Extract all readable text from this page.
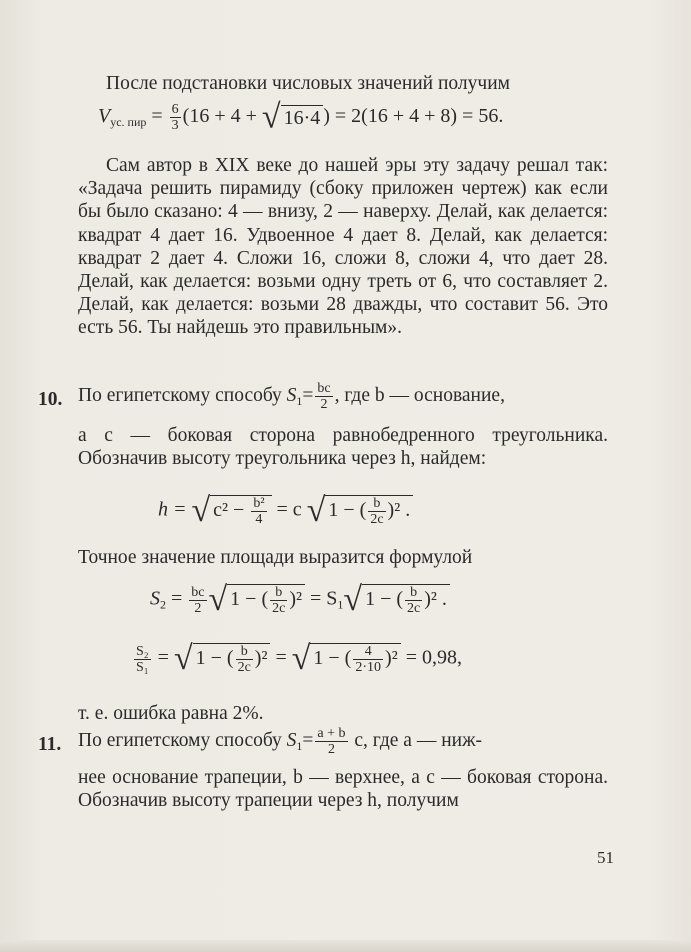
После подстановки числовых значений получим
$V_{ус. пир} = \frac{6}{3} (16 + 4$ + √ 16·4 ) = 2(16 + 4 + 8) = 56.
Сам автор в XIX веке до нашей эры эту задачу решал так: «Задача решить пирамиду (сбоку приложен чертеж) как если бы было сказано: 4 — внизу, 2 — наверху. Делай, как делается: квадрат 4 дает 16. Удвоенное 4 дает 8. Делай, как делается: квадрат 2 дает 4. Сложи 16, сложи 8, сложи 4, что дает 28. Делай, как делается: возьми одну треть от 6, что составляет 2. Делай, как делается: возьми 28 дважды, что составит 56. Это есть 56. Ты найдешь это правильным».
10. По египетскому способу $S_1= \frac{bc}{2}$ , где b — основание,
а c — боковая сторона равнобедренного треугольника. Обозначив высоту треугольника через h, найдем:
h = √ $c^2 - \frac{\text{b²}}{4} = c$ √ 1 − ( $\frac{b}{2c} )^2$ .
Точное значение площади выразится формулой
$S_2 = \frac{bc}{2}$ √ 1 − ( $\frac{b}{2c} )^2 = S_1√$ 1 − ( $\frac{b}{2c} )^2$ .
$\frac{\text{S₂}}{\text{S₁}}$ = √ 1 − ( $\frac{b}{2c} )^2$ = √ 1 − ( $\frac{4}{2\cdot 10} )^2 = 0,98$,
т. е. ошибка равна 2%.
11. По египетскому способу $S_1= \frac{a + b}{2} c$, где a — ниж-
нее основание трапеции, b — верхнее, а c — боковая сторона. Обозначив высоту трапеции через h, получим
51
